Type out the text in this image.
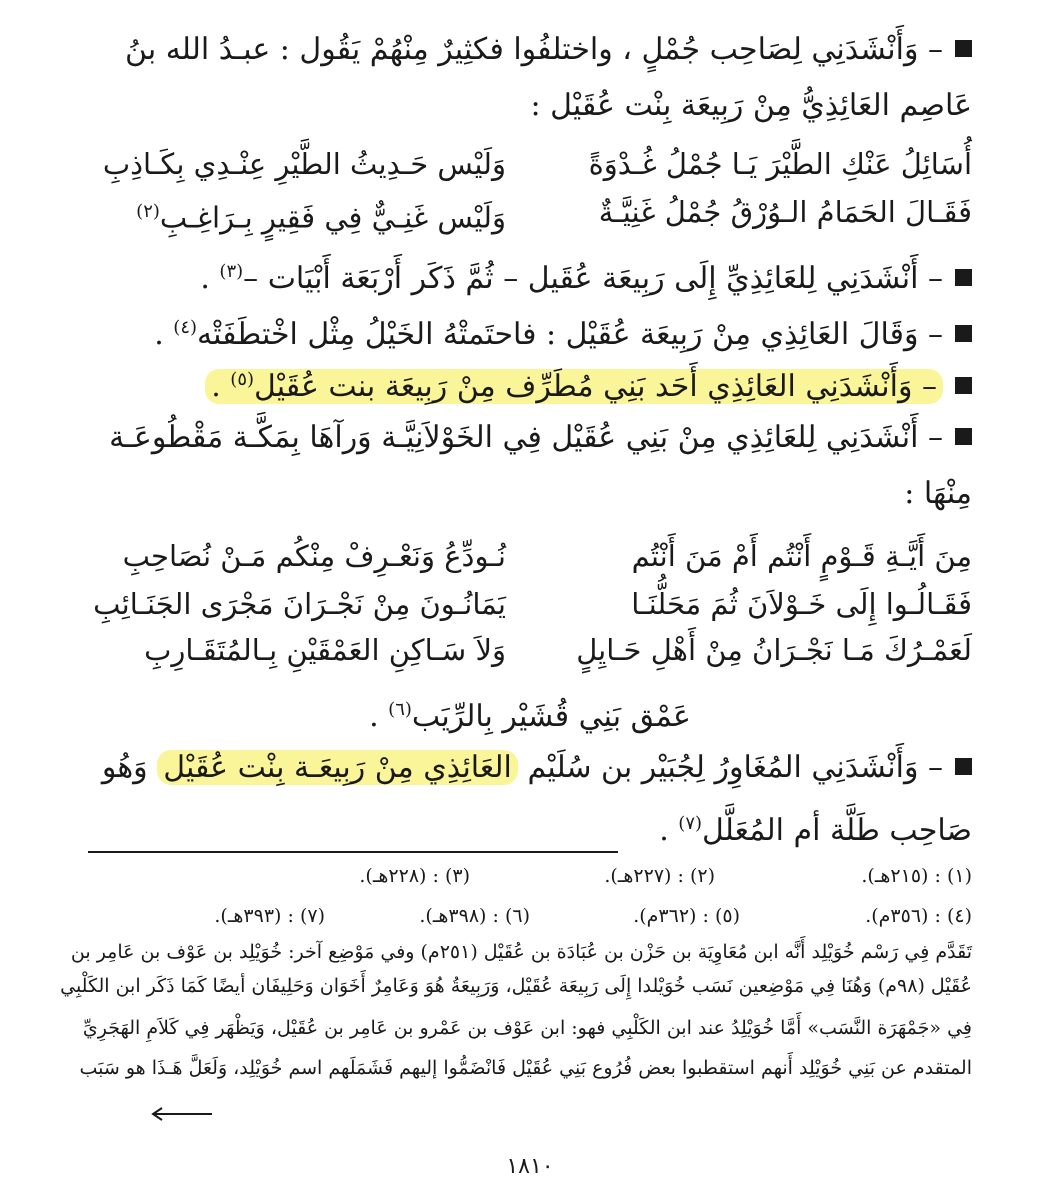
– وَأَنْشَدَنِي لِصَاحِب جُمْلٍ ، واختلفُوا فكثِيرٌ مِنْهُمْ يَقُول : عبـدُ الله بنُ
عَاصِم العَائِذِيُّ مِنْ رَبِيعَة بِنْت عُقَيْل :
أُسَائِلُ عَنْكِ الطَّيْرَ يَـا جُمْلُ غُـدْوَةً
وَلَيْس حَـدِيثُ الطَّيْرِ عِنْـدِي بِكَـاذِبِ
فَقَـالَ الحَمَامُ الـوُرْقُ جُمْلُ غَنِيَّـةٌ
وَلَيْس غَنِـيٌّ فِي فَقِيرٍ بِـرَاغِـبِ$^{(٢)}$
– أَنْشَدَنِي لِلعَائِذِيِّ إِلَى رَبِيعَة عُقَيل – ثُمَّ ذَكَر أَرْبَعَة أَبْيَات –$^{(٣)}$ .
– وَقَالَ العَائِذِي مِنْ رَبِيعَة عُقَيْل : فاحتَمتْهُ الخَيْلُ مِثْل اخْتطَفَتْه$^{(٤)}$ .
– وَأَنْشَدَنِي العَائِذِي أَحَد بَنِي مُطَرِّف مِنْ رَبِيعَة بنت عُقَيْل$^{(٥)}$ .
– أَنْشَدَنِي لِلعَائِذِي مِنْ بَنِي عُقَيْل فِي الخَوْلاَنِيَّـة وَرآهَا بِمَكَّـة مَقْطُوعَـة
مِنْهَا :
مِنَ أَيَّـةِ قَـوْمٍ أَنْتُم أَمْ مَنَ أَنْتُم
نُـودِّعُ وَنَعْـرِفْ مِنْكُم مَـنْ نُصَاحِبِ
فَقَـالُـوا إِلَى خَـوْلاَنَ ثُمَ مَحَلُّنَـا
يَمَانُـونَ مِنْ نَجْـرَانَ مَجْرَى الجَنَـائِبِ
لَعَمْـرُكَ مَـا نَجْـرَانُ مِنْ أَهْلِ حَـايِلٍ
وَلاَ سَـاكِنِ العَمْقَيْنِ بِـالمُتَقَـارِبِ
عَمْق بَنِي قُشَيْر بِالرِّيَب$^{(٦)}$ .
– وَأَنْشَدَنِي المُغَاوِرُ لِجُبَيْر بن سُلَيْم العَائِذِي مِنْ رَبِيعَـة بِنْت عُقَيْل وَهُو
صَاحِب طَلَّة أم المُعَلَّل$^{(٧)}$ .
(١) : (٢١٥هـ).
(٢) : (٢٢٧هـ).
(٣) : (٢٢٨هـ).
(٤) : (٣٥٦م).
(٥) : (٣٦٢م).
(٦) : (٣٩٨هـ).
(٧) : (٣٩٣هـ).
تَقَدَّم فِي رَسْم خُوَيْلِد أَنَّه ابن مُعَاوِيَة بن حَزْن بن عُبَادَة بن عُقَيْل (٢٥١م) وفي مَوْضِع آخر: خُوَيْلِد بن عَوْف بن عَامِر بن
عُقَيْل (٩٨م) وَهُنَا فِي مَوْضِعين نَسَب خُوَيْلدا إِلَى رَبِيعَة عُقَيْل، وَرَبِيعَةُ هُوَ وَعَامِرٌ أَخَوَان وَحَلِيفَان أيضًا كَمَا ذَكَر ابن الكَلْبِي
فِي «جَمْهَرَة النَّسَب» أَمَّا خُوَيْلِدُ عند ابن الكَلْبِي فهو: ابن عَوْف بن عَمْرو بن عَامِر بن عُقَيْل، وَيَظْهَر فِي كَلاَمِ الهَجَرِيِّ
المتقدم عن بَنِي خُوَيْلِد أَنهم استقطبوا بعض فُرُوع بَنِي عُقَيْل فَانْضَمُّوا إليهم فَشَمَلَهم اسم خُوَيْلِد، وَلَعَلَّ هَـذَا هو سَبَب
١٨١٠
